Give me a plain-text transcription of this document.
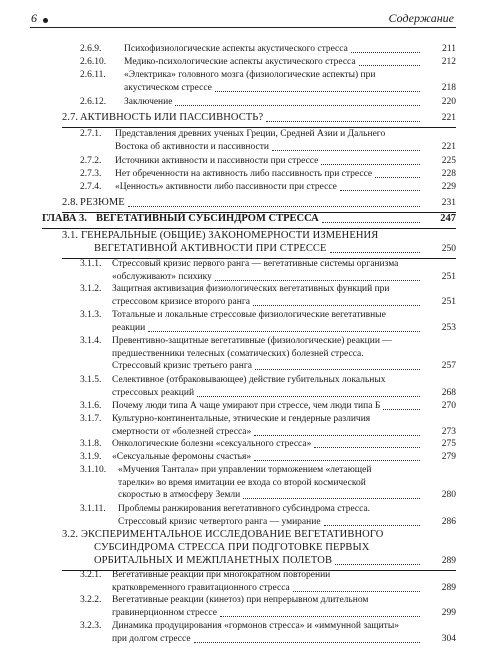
6	Содержание
2.6.9. Психофизиологические аспекты акустического стресса	211
2.6.10. Медико-психологические аспекты акустического стресса	212
2.6.11. «Электрика» головного мозга (физиологические аспекты) при
акустическом стрессе	218
2.6.12. Заключение	220
2.7. АКТИВНОСТЬ ИЛИ ПАССИВНОСТЬ?	221
2.7.1. Представления древних ученых Греции, Средней Азии и Дальнего
Востока об активности и пассивности	221
2.7.2. Источники активности и пассивности при стрессе	225
2.7.3. Нет обреченности на активность либо пассивность при стрессе	228
2.7.4. «Ценность» активности либо пассивности при стрессе	229
2.8. РЕЗЮМЕ	231
ГЛАВА 3. ВЕГЕТАТИВНЫЙ СУБСИНДРОМ СТРЕССА	247
3.1. ГЕНЕРАЛЬНЫЕ (ОБЩИЕ) ЗАКОНОМЕРНОСТИ ИЗМЕНЕНИЯ
ВЕГЕТАТИВНОЙ АКТИВНОСТИ ПРИ СТРЕССЕ	250
3.1.1. Стрессовый кризис первого ранга — вегетативные системы организма
«обслуживают» психику	251
3.1.2. Защитная активизация физиологических вегетативных функций при
стрессовом кризисе второго ранга	251
3.1.3. Тотальные и локальные стрессовые физиологические вегетативные
реакции	253
3.1.4. Превентивно-защитные вегетативные (физиологические) реакции —
предшественники телесных (соматических) болезней стресса.
Стрессовый кризис третьего ранга	257
3.1.5. Селективное (отбраковывающее) действие губительных локальных
стрессовых реакций	268
3.1.6. Почему люди типа А чаще умирают при стрессе, чем люди типа Б	270
3.1.7. Культурно-континентальные, этнические и гендерные различия
смертности от «болезней стресса»	273
3.1.8. Онкологические болезни «сексуального стресса»	275
3.1.9. «Сексуальные феромоны счастья»	279
3.1.10. «Мучения Тантала» при управлении торможением «летающей
тарелки» во время имитации ее входа со второй космической
скоростью в атмосферу Земли	280
3.1.11. Проблемы ранжирования вегетативного субсиндрома стресса.
Стрессовый кризис четвертого ранга — умирание	286
3.2. ЭКСПЕРИМЕНТАЛЬНОЕ ИССЛЕДОВАНИЕ ВЕГЕТАТИВНОГО
СУБСИНДРОМА СТРЕССА ПРИ ПОДГОТОВКЕ ПЕРВЫХ
ОРБИТАЛЬНЫХ И МЕЖПЛАНЕТНЫХ ПОЛЕТОВ	289
3.2.1. Вегетативные реакции при многократном повторении
кратковременного гравитационного стресса	289
3.2.2. Вегетативные реакции (кинетоз) при непрерывном длительном
гравинерционном стрессе	299
3.2.3. Динамика продуцирования «гормонов стресса» и «иммунной защиты»
при долгом стрессе	304
